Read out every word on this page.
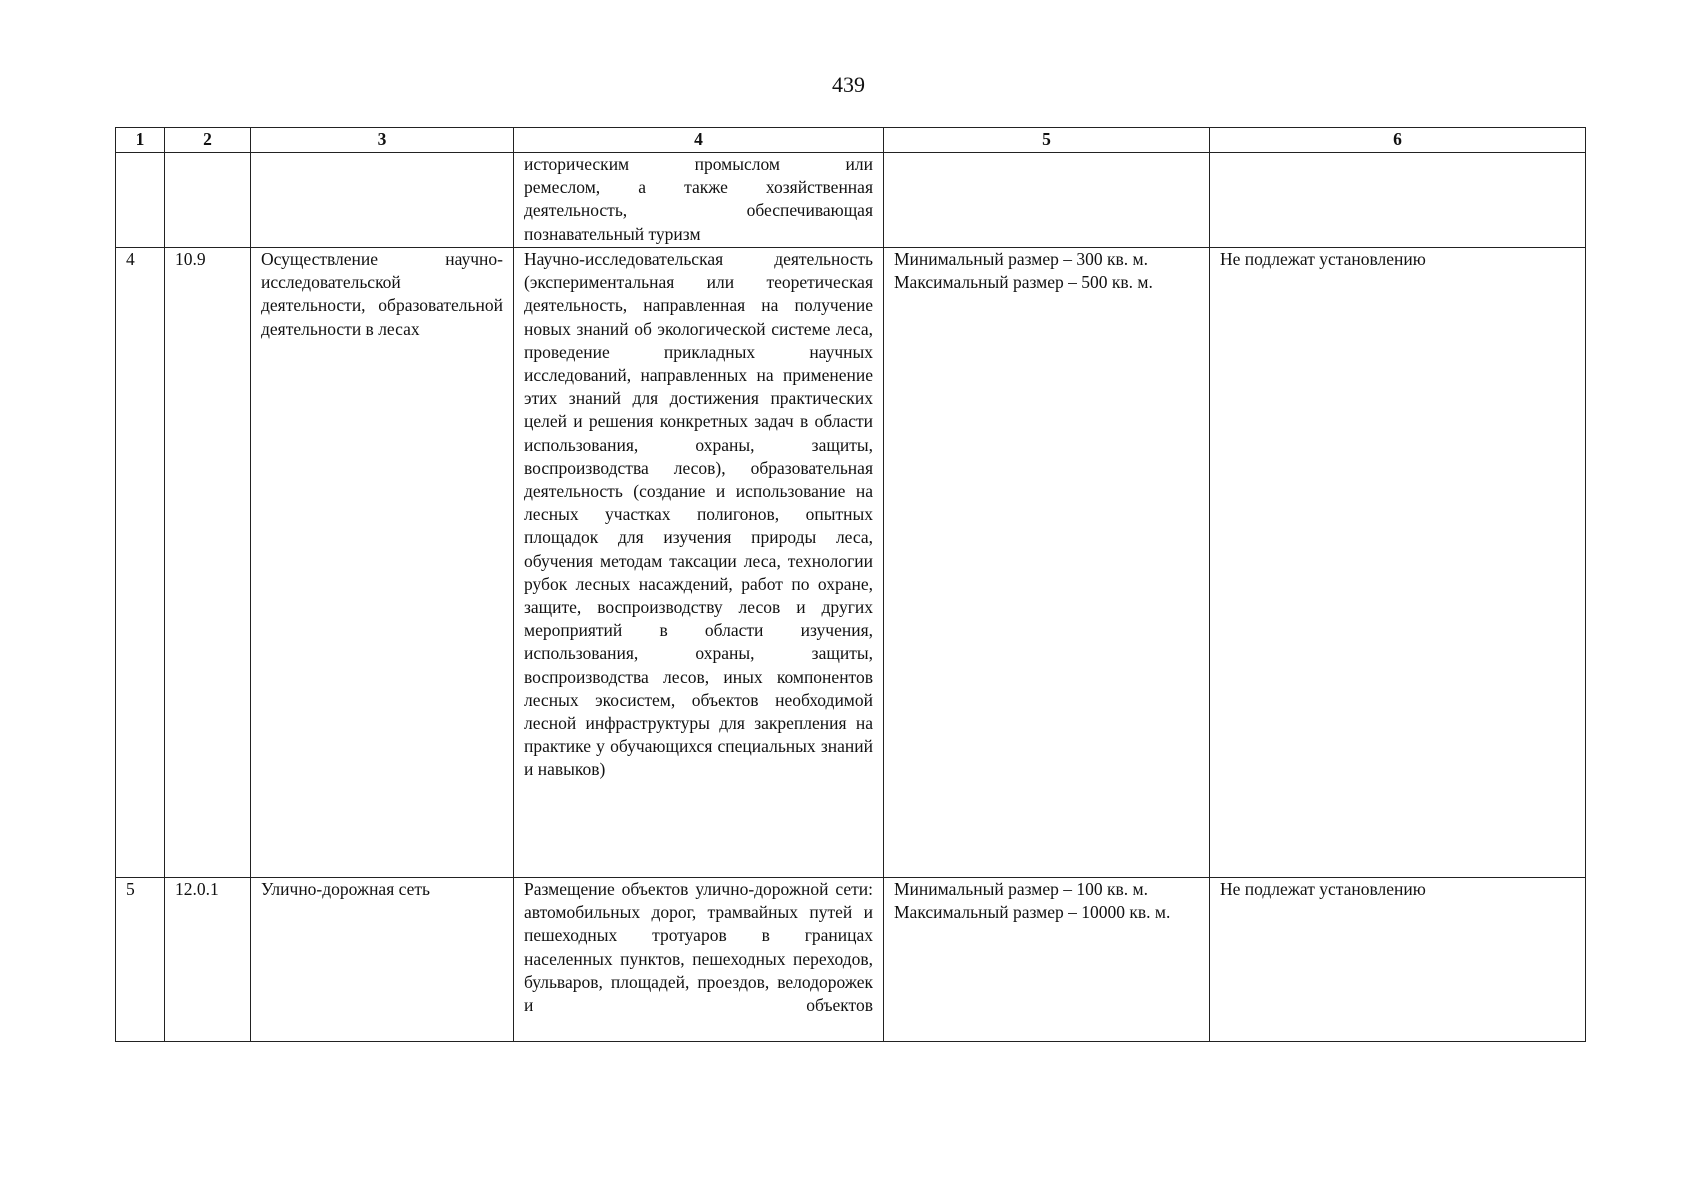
439
1	2	3	4	5	6

			историческим промыслом или
ремеслом, а также хозяйственная
деятельность, обеспечивающая
познавательный туризм		

4	10.9	Осуществление научно-исследовательской деятельности, образовательной деятельности в лесах	Научно-исследовательская деятельность (экспериментальная или теоретическая деятельность, направленная на получение новых знаний об экологической системе леса, проведение прикладных научных исследований, направленных на применение этих знаний для достижения практических целей и решения конкретных задач в области использования, охраны, защиты, воспроизводства лесов), образовательная деятельность (создание и использование на лесных участках полигонов, опытных площадок для изучения природы леса, обучения методам таксации леса, технологии рубок лесных насаждений, работ по охране, защите, воспроизводству лесов и других мероприятий в области изучения, использования, охраны, защиты, воспроизводства лесов, иных компонентов лесных экосистем, объектов необходимой лесной инфраструктуры для закрепления на практике у обучающихся специальных знаний и навыков)	Минимальный размер – 300 кв. м.
Максимальный размер – 500 кв. м.	Не подлежат установлению
5	12.0.1	Улично-дорожная сеть	Размещение объектов улично-дорожной сети: автомобильных дорог, трамвайных путей и пешеходных тротуаров в границах населенных пунктов, пешеходных переходов, бульваров, площадей, проездов, велодорожек и объектов	Минимальный размер – 100 кв. м.
Максимальный размер – 10000 кв. м.	Не подлежат установлению
